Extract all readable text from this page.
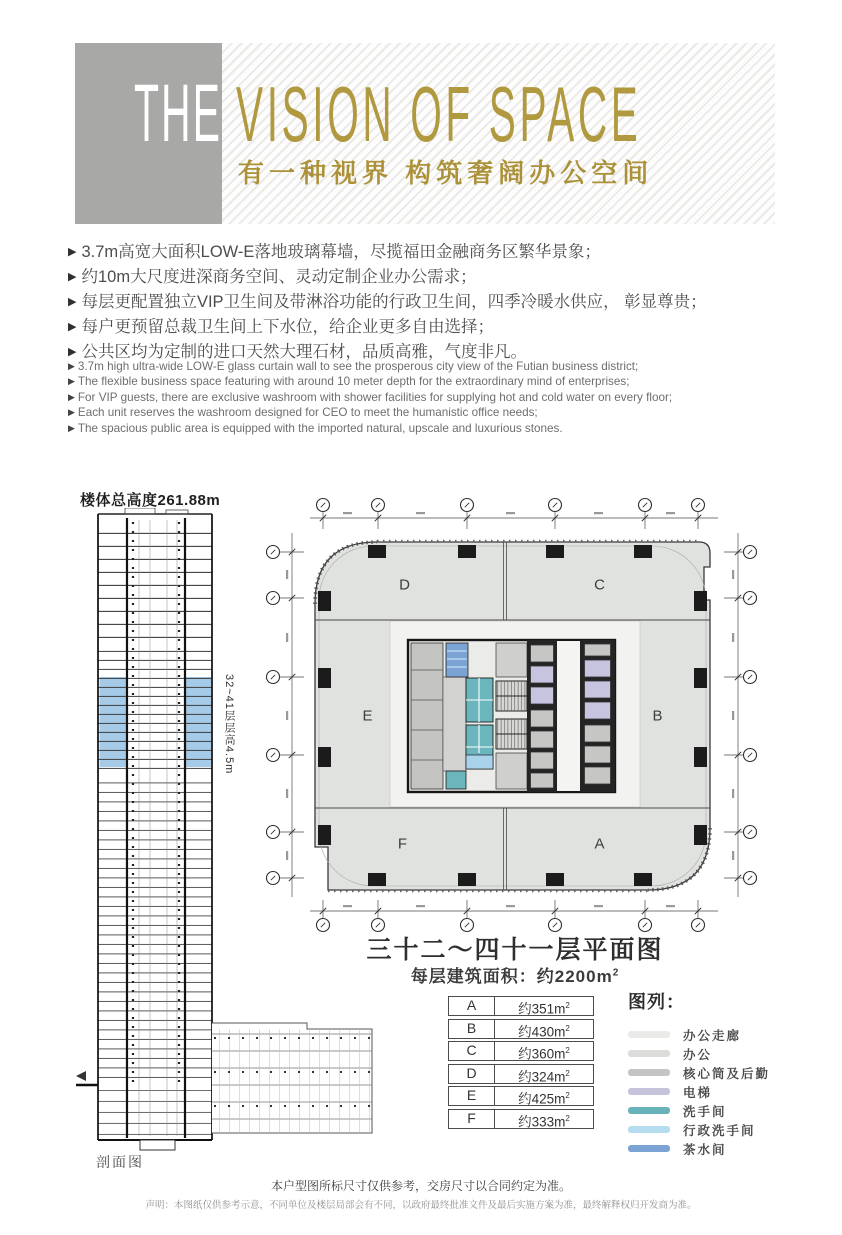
THE VISION OF SPACE
有一种视界 构筑奢阔办公空间
▶ 3.7m高宽大面积LOW-E落地玻璃幕墙，尽揽福田金融商务区繁华景象；
▶ 约10m大尺度进深商务空间、灵动定制企业办公需求；
▶ 每层更配置独立VIP卫生间及带淋浴功能的行政卫生间，四季冷暖水供应， 彰显尊贵；
▶ 每户更预留总裁卫生间上下水位，给企业更多自由选择；
▶ 公共区均为定制的进口天然大理石材，品质高雅，气度非凡。
▶ 3.7m high ultra-wide LOW-E glass curtain wall to see the prosperous city view of the Futian business district;
▶ The flexible business space featuring with around 10 meter depth for the extraordinary mind of enterprises;
▶ For VIP guests, there are exclusive washroom with shower facilities for supplying hot and cold water on every floor;
▶ Each unit reserves the washroom designed for CEO to meet the humanistic office needs;
▶ The spacious public area is equipped with the imported natural, upscale and luxurious stones.
楼体总高度261.88m
32~41层层高4.5m
剖面图
D	C
E	B
F	A
三十二～四十一层平面图
每层建筑面积：约$2200m^2$
A	约$351m^2$
B	约$430m^2$
C	约$360m^2$
D	约$324m^2$
E	约$425m^2$
F	约$333m^2$

图列：

办公走廊
办公
核心筒及后勤
电梯
洗手间
行政洗手间
茶水间
本户型图所标尺寸仅供参考，交房尺寸以合同约定为准。
声明：本图纸仅供参考示意，不同单位及楼层局部会有不同，以政府最终批准文件及最后实施方案为准，最终解释权归开发商为准。
